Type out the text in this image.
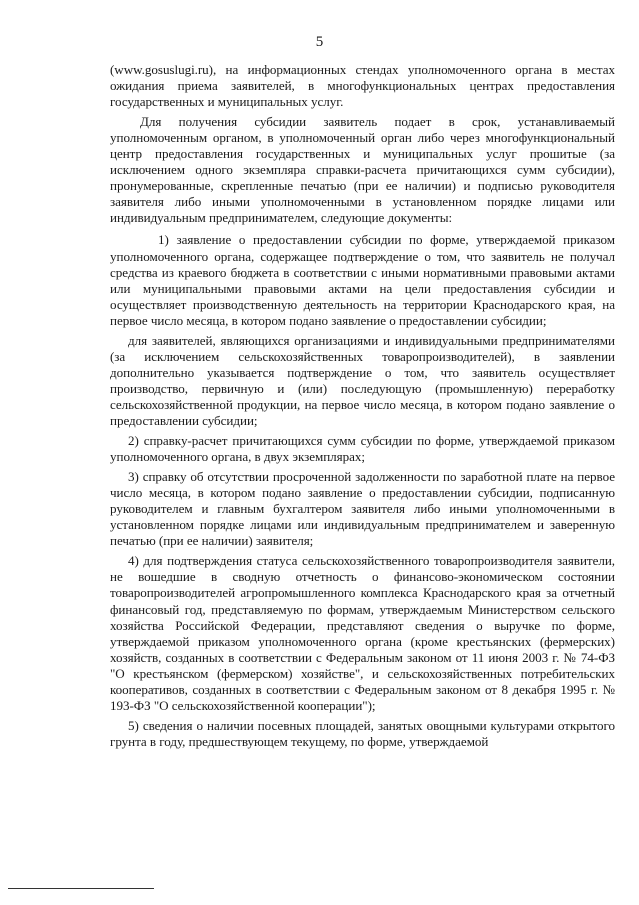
5

(www.gosuslugi.ru), на информационных стендах уполномоченного органа в местах ожидания приема заявителей, в многофункциональных центрах предоставления государственных и муниципальных услуг.

Для получения субсидии заявитель подает в срок, устанавливаемый уполномоченным органом, в уполномоченный орган либо через многофункциональный центр предоставления государственных и муниципальных услуг прошитые (за исключением одного экземпляра справки-расчета причитающихся сумм субсидии), пронумерованные, скрепленные печатью (при ее наличии) и подписью руководителя заявителя либо иными уполномоченными в установленном порядке лицами или индивидуальным предпринимателем, следующие документы:

1) заявление о предоставлении субсидии по форме, утверждаемой приказом уполномоченного органа, содержащее подтверждение о том, что заявитель не получал средства из краевого бюджета в соответствии с иными нормативными правовыми актами или муниципальными правовыми актами на цели предоставления субсидии и осуществляет производственную деятельность на территории Краснодарского края, на первое число месяца, в котором подано заявление о предоставлении субсидии;

для заявителей, являющихся организациями и индивидуальными предпринимателями (за исключением сельскохозяйственных товаропроизводителей), в заявлении дополнительно указывается подтверждение о том, что заявитель осуществляет производство, первичную и (или) последующую (промышленную) переработку сельскохозяйственной продукции, на первое число месяца, в котором подано заявление о предоставлении субсидии;

2) справку-расчет причитающихся сумм субсидии по форме, утверждаемой приказом уполномоченного органа, в двух экземплярах;

3) справку об отсутствии просроченной задолженности по заработной плате на первое число месяца, в котором подано заявление о предоставлении субсидии, подписанную руководителем и главным бухгалтером заявителя либо иными уполномоченными в установленном порядке лицами или индивидуальным предпринимателем и заверенную печатью (при ее наличии) заявителя;

4) для подтверждения статуса сельскохозяйственного товаропроизводителя заявители, не вошедшие в сводную отчетность о финансово-экономическом состоянии товаропроизводителей агропромышленного комплекса Краснодарского края за отчетный финансовый год, представляемую по формам, утверждаемым Министерством сельского хозяйства Российской Федерации, представляют сведения о выручке по форме, утверждаемой приказом уполномоченного органа (кроме крестьянских (фермерских) хозяйств, созданных в соответствии с Федеральным законом от 11 июня 2003 г. № 74-ФЗ "О крестьянском (фермерском) хозяйстве", и сельскохозяйственных потребительских кооперативов, созданных в соответствии с Федеральным законом от 8 декабря 1995 г. № 193-ФЗ "О сельскохозяйственной кооперации");

5) сведения о наличии посевных площадей, занятых овощными культурами открытого грунта в году, предшествующем текущему, по форме, утверждаемой
